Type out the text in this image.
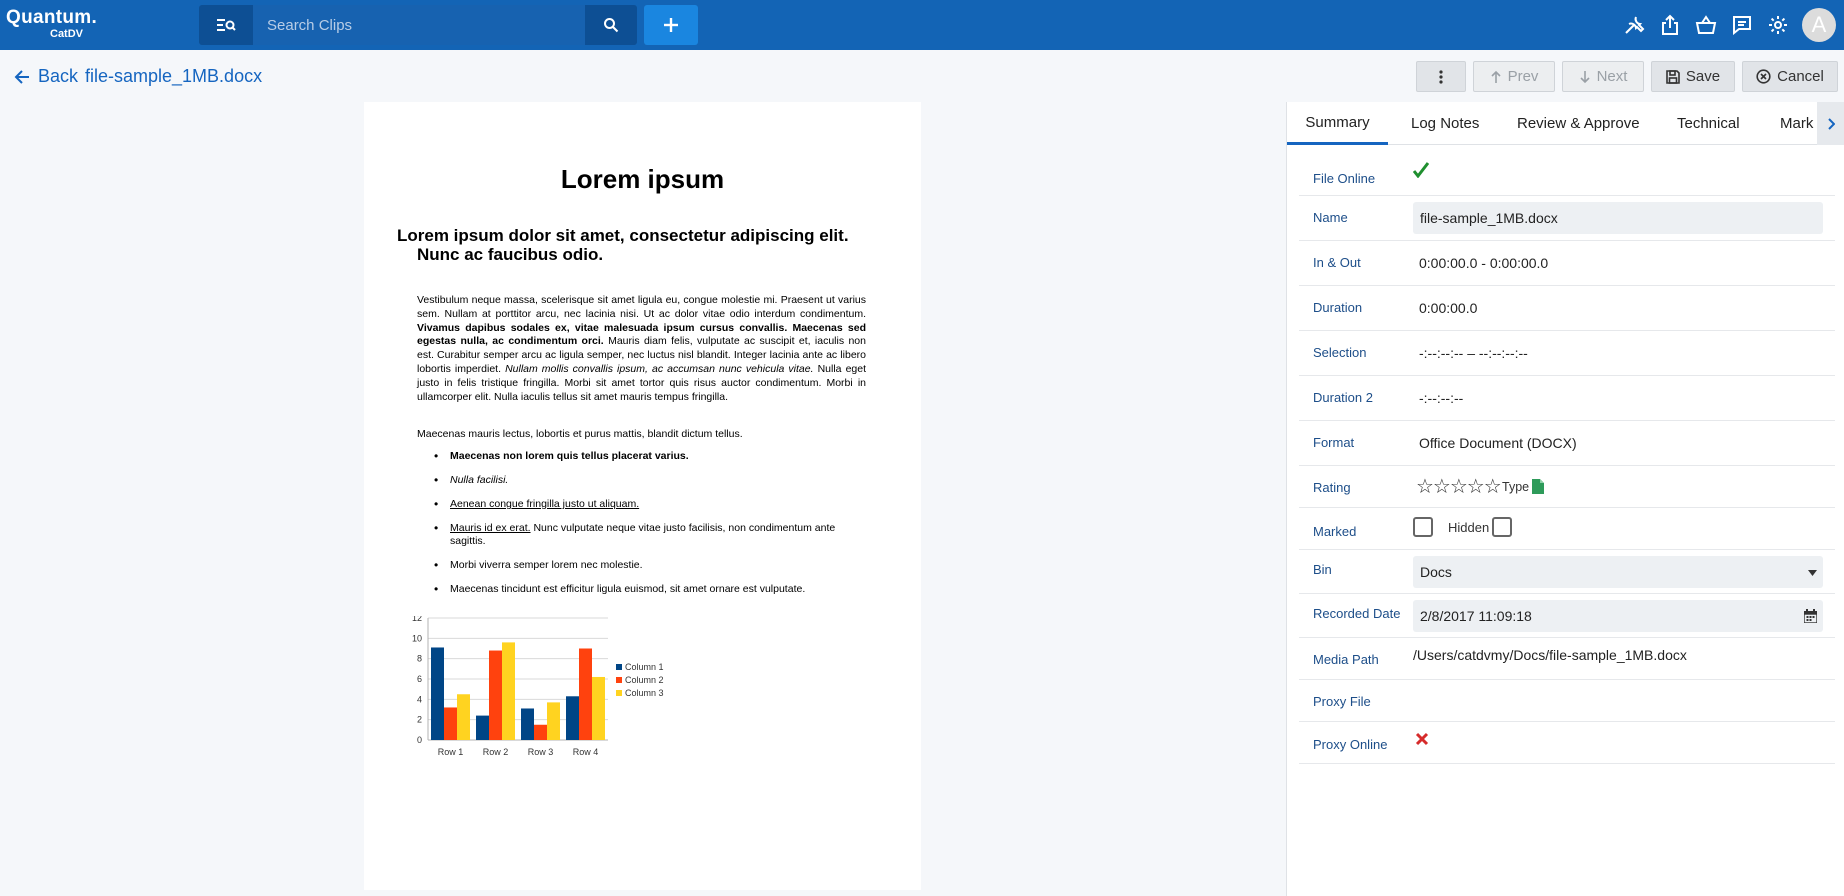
Quantum.
CatDV
Search Clips	A
Back file-sample_1MB.docx	Prev	Next	Save	Cancel
Lorem ipsum
Lorem ipsum dolor sit amet, consectetur adipiscing elit. Nunc ac faucibus odio.
Vestibulum neque massa, scelerisque sit amet ligula eu, congue molestie mi. Praesent ut varius sem. Nullam at porttitor arcu, nec lacinia nisi. Ut ac dolor vitae odio interdum condimentum. Vivamus dapibus sodales ex, vitae malesuada ipsum cursus convallis. Maecenas sed egestas nulla, ac condimentum orci. Mauris diam felis, vulputate ac suscipit et, iaculis non est. Curabitur semper arcu ac ligula semper, nec luctus nisl blandit. Integer lacinia ante ac libero lobortis imperdiet. Nullam mollis convallis ipsum, ac accumsan nunc vehicula vitae. Nulla eget justo in felis tristique fringilla. Morbi sit amet tortor quis risus auctor condimentum. Morbi in ullamcorper elit. Nulla iaculis tellus sit amet mauris tempus fringilla.
Maecenas mauris lectus, lobortis et purus mattis, blandit dictum tellus.
• Maecenas non lorem quis tellus placerat varius.
• Nulla facilisi.
• Aenean congue fringilla justo ut aliquam.
• Mauris id ex erat. Nunc vulputate neque vitae justo facilisis, non condimentum ante sagittis.
• Morbi viverra semper lorem nec molestie.
• Maecenas tincidunt est efficitur ligula euismod, sit amet ornare est vulputate.
0
2
4
6
8
10
12
Row 1 Row 2 Row 3 Row 4
Column 1
Column 2
Column 3
Summary	Log Notes	Review & Approve Technical	Mark
File Online
Name	file-sample_1MB.docx
In & Out	0:00:00.0 - 0:00:00.0
Duration	0:00:00.0
Selection	-:--:--:-- – --:--:--:--
Duration 2	-:--:--:--
Format	Office Document (DOCX)
Rating	☆☆☆☆☆ Type
Marked	Hidden
Bin	Docs
Recorded Date 2/8/2017 11:09:18
Media Path /Users/catdvmy/Docs/file-sample_1MB.docx
Proxy File
Proxy Online
